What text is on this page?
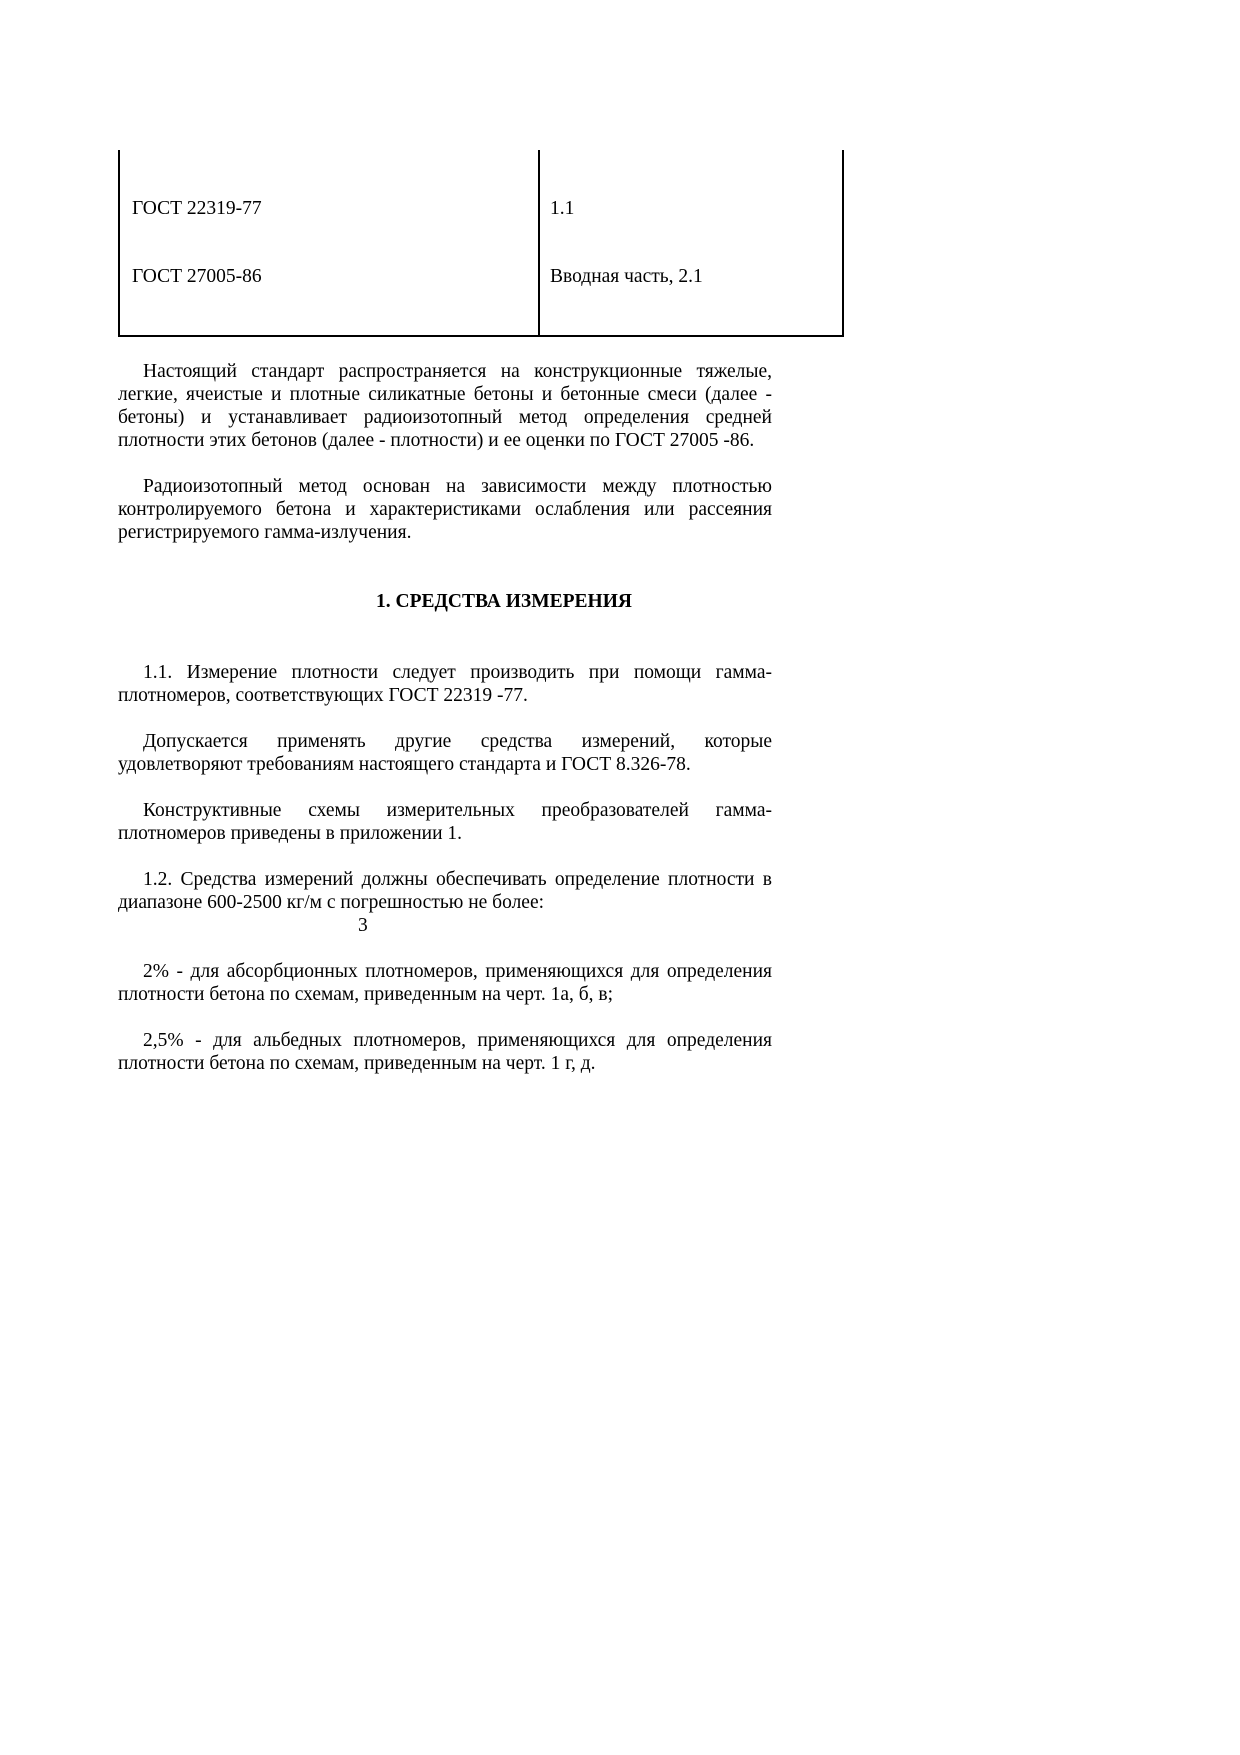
ГОСТ 22319-77	1.1
ГОСТ 27005-86	Вводная часть, 2.1

Настоящий стандарт распространяется на конструкционные тяжелые, легкие, ячеистые и плотные силикатные бетоны и бетонные смеси (далее - бетоны) и устанавливает радиоизотопный метод определения средней плотности этих бетонов (далее - плотности) и ее оценки по ГОСТ 27005 -86.

Радиоизотопный метод основан на зависимости между плотностью контролируемого бетона и характеристиками ослабления или рассеяния регистрируемого гамма-излучения.

1. СРЕДСТВА ИЗМЕРЕНИЯ

1.1. Измерение плотности следует производить при помощи гамма-плотномеров, соответствующих ГОСТ 22319 -77.

Допускается применять другие средства измерений, которые удовлетворяют требованиям настоящего стандарта и ГОСТ 8.326-78.

Конструктивные схемы измерительных преобразователей гамма-плотномеров приведены в приложении 1.

1.2. Средства измерений должны обеспечивать определение плотности в диапазоне 600-2500 кг/м с погрешностью не более:

3

2% - для абсорбционных плотномеров, применяющихся для определения плотности бетона по схемам, приведенным на черт. 1а, б, в;

2,5% - для альбедных плотномеров, применяющихся для определения плотности бетона по схемам, приведенным на черт. 1 г, д.
